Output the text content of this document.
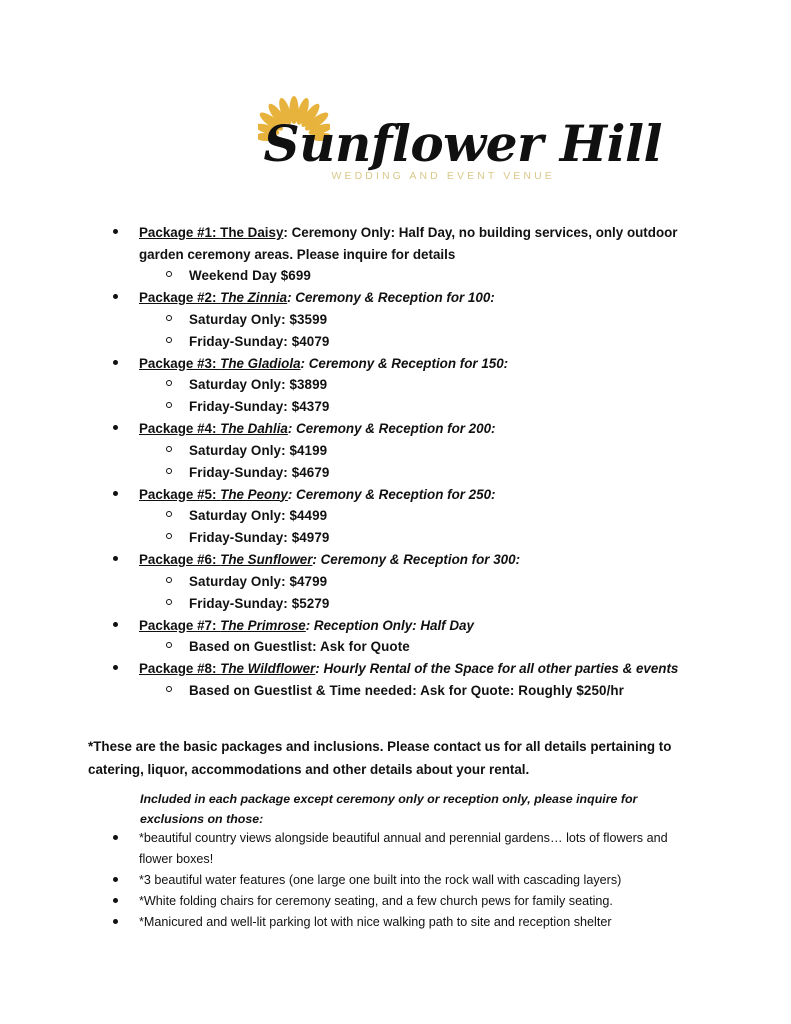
Sunflower Hill
WEDDING AND EVENT VENUE
Package #1: The Daisy: Ceremony Only: Half Day, no building services, only outdoor garden ceremony areas. Please inquire for details
Weekend Day $699
Package #2: The Zinnia: Ceremony & Reception for 100:
Saturday Only: $3599
Friday-Sunday: $4079
Package #3: The Gladiola: Ceremony & Reception for 150:
Saturday Only: $3899
Friday-Sunday: $4379
Package #4: The Dahlia: Ceremony & Reception for 200:
Saturday Only: $4199
Friday-Sunday: $4679
Package #5: The Peony: Ceremony & Reception for 250:
Saturday Only: $4499
Friday-Sunday: $4979
Package #6: The Sunflower: Ceremony & Reception for 300:
Saturday Only: $4799
Friday-Sunday: $5279
Package #7: The Primrose: Reception Only: Half Day
Based on Guestlist: Ask for Quote
Package #8: The Wildflower: Hourly Rental of the Space for all other parties & events
Based on Guestlist & Time needed: Ask for Quote: Roughly $250/hr
*These are the basic packages and inclusions. Please contact us for all details pertaining to catering, liquor, accommodations and other details about your rental.
Included in each package except ceremony only or reception only, please inquire for exclusions on those:
*beautiful country views alongside beautiful annual and perennial gardens… lots of flowers and flower boxes!
*3 beautiful water features (one large one built into the rock wall with cascading layers)
*White folding chairs for ceremony seating, and a few church pews for family seating.
*Manicured and well-lit parking lot with nice walking path to site and reception shelter
